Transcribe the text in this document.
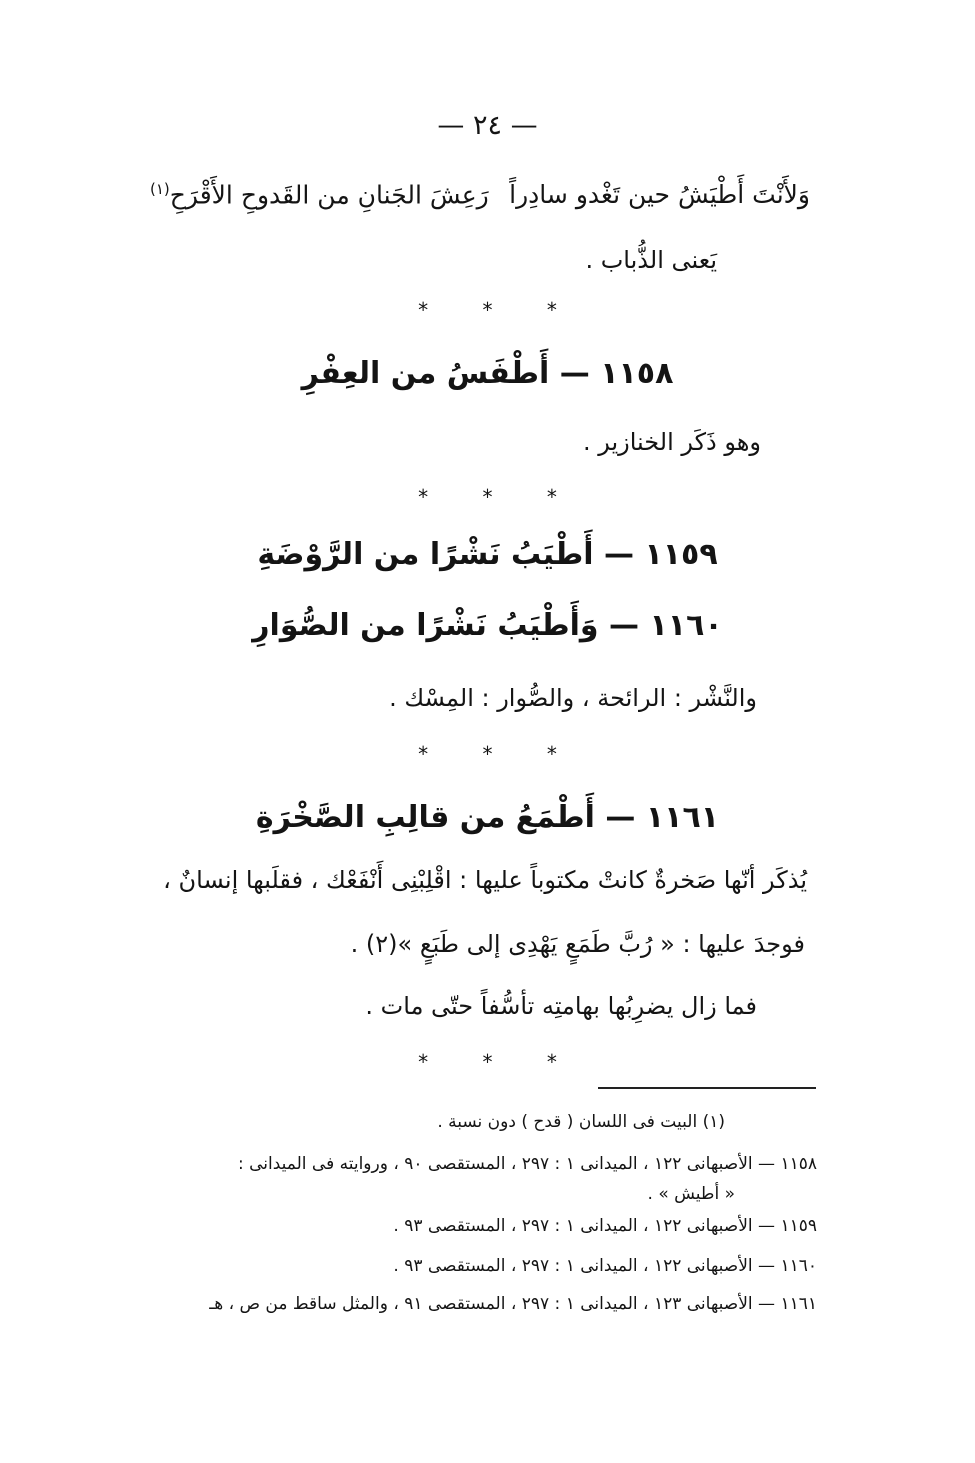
— ٢٤ —
وَلأَنْتَ أَطْيَشُ حين تَغْدو سادِراً
رَعِشَ الجَنانِ من القَدوحِ الأَقْرَحِ$^{(١)}$
يَعنى الذُّباب .
* * *
١١٥٨ — أَطْفَسُ من العِفْرِ
وهو ذَكَر الخنازير .
* * *
١١٥٩ — أَطْيَبُ نَشْرًا من الرَّوْضَةِ
١١٦٠ — وَأَطْيَبُ نَشْرًا من الصُّوَارِ
والنَّشْر : الرائحة ، والصُّوار : المِسْك .
* * *
١١٦١ — أَطْمَعُ من قالِبِ الصَّخْرَةِ
يُذكَر أنّها صَخرةٌ كانتْ مكتوباً عليها : اقْلِبْنِى أَنْفَعْك ، فقلَبها إنسانٌ ،
فوجدَ عليها : « رُبَّ طَمَعٍ يَهْدِى إلى طَبَعٍ »(٢) .
فما زال يضرِبُها بهامتِه تأسُّفاً حتّى مات .
* * *
(١) البيت فى اللسان ( قدح ) دون نسبة .
١١٥٨ — الأصبهانى ١٢٢ ، الميدانى ١ : ٢٩٧ ، المستقصى ٩٠ ، وروايته فى الميدانى :
« أطيش » .
١١٥٩ — الأصبهانى ١٢٢ ، الميدانى ١ : ٢٩٧ ، المستقصى ٩٣ .
١١٦٠ — الأصبهانى ١٢٢ ، الميدانى ١ : ٢٩٧ ، المستقصى ٩٣ .
١١٦١ — الأصبهانى ١٢٣ ، الميدانى ١ : ٢٩٧ ، المستقصى ٩١ ، والمثل ساقط من ص ، هـ
